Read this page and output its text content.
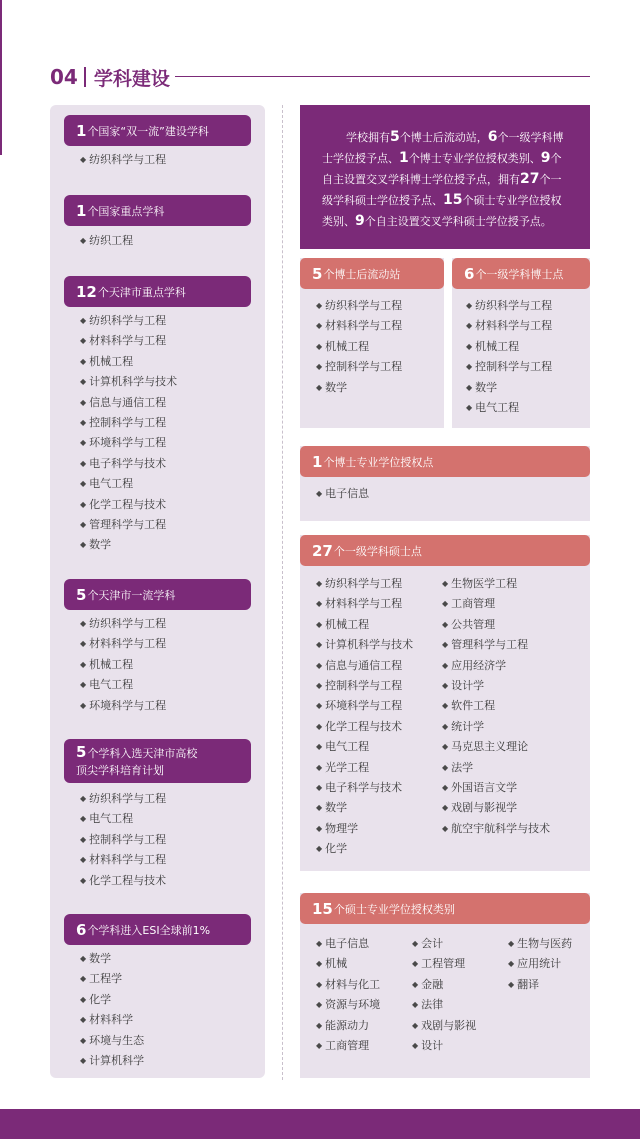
04 学科建设
1 个国家“双一流”建设学科
◆ 纺织科学与工程
1 个国家重点学科
◆ 纺织工程
12 个天津市重点学科
◆ 纺织科学与工程
◆ 材料科学与工程
◆ 机械工程
◆ 计算机科学与技术
◆ 信息与通信工程
◆ 控制科学与工程
◆ 环境科学与工程
◆ 电子科学与技术
◆ 电气工程
◆ 化学工程与技术
◆ 管理科学与工程
◆ 数学
5 个天津市一流学科
◆ 纺织科学与工程
◆ 材料科学与工程
◆ 机械工程
◆ 电气工程
◆ 环境科学与工程
5个学科入选天津市高校
顶尖学科培育计划
◆ 纺织科学与工程
◆ 电气工程
◆ 控制科学与工程
◆ 材料科学与工程
◆ 化学工程与技术
6 个学科进入ESI全球前1%
◆ 数学
◆ 工程学
◆ 化学
◆ 材料科学
◆ 环境与生态
◆ 计算机科学
学校拥有5个博士后流动站，6个一级学科博士学位授予点、1个博士专业学位授权类别、9个自主设置交叉学科博士学位授予点，拥有27个一级学科硕士学位授予点、15个硕士专业学位授权类别、9个自主设置交叉学科硕士学位授予点。
5 个博士后流动站
◆ 纺织科学与工程
◆ 材料科学与工程
◆ 机械工程
◆ 控制科学与工程
◆ 数学
6 个一级学科博士点
◆ 纺织科学与工程
◆ 材料科学与工程
◆ 机械工程
◆ 控制科学与工程
◆ 数学
◆ 电气工程
1 个博士专业学位授权点
◆ 电子信息
27 个一级学科硕士点
◆ 纺织科学与工程
◆ 材料科学与工程
◆ 机械工程
◆ 计算机科学与技术
◆ 信息与通信工程
◆ 控制科学与工程
◆ 环境科学与工程
◆ 化学工程与技术
◆ 电气工程
◆ 光学工程
◆ 电子科学与技术
◆ 数学
◆ 物理学
◆ 化学
◆ 生物医学工程
◆ 工商管理
◆ 公共管理
◆ 管理科学与工程
◆ 应用经济学
◆ 设计学
◆ 软件工程
◆ 统计学
◆ 马克思主义理论
◆ 法学
◆ 外国语言文学
◆ 戏剧与影视学
◆ 航空宇航科学与技术
15 个硕士专业学位授权类别
◆ 电子信息
◆ 机械
◆ 材料与化工
◆ 资源与环境
◆ 能源动力
◆ 工商管理
◆ 会计
◆ 工程管理
◆ 金融
◆ 法律
◆ 戏剧与影视
◆ 设计
◆ 生物与医药
◆ 应用统计
◆ 翻译
